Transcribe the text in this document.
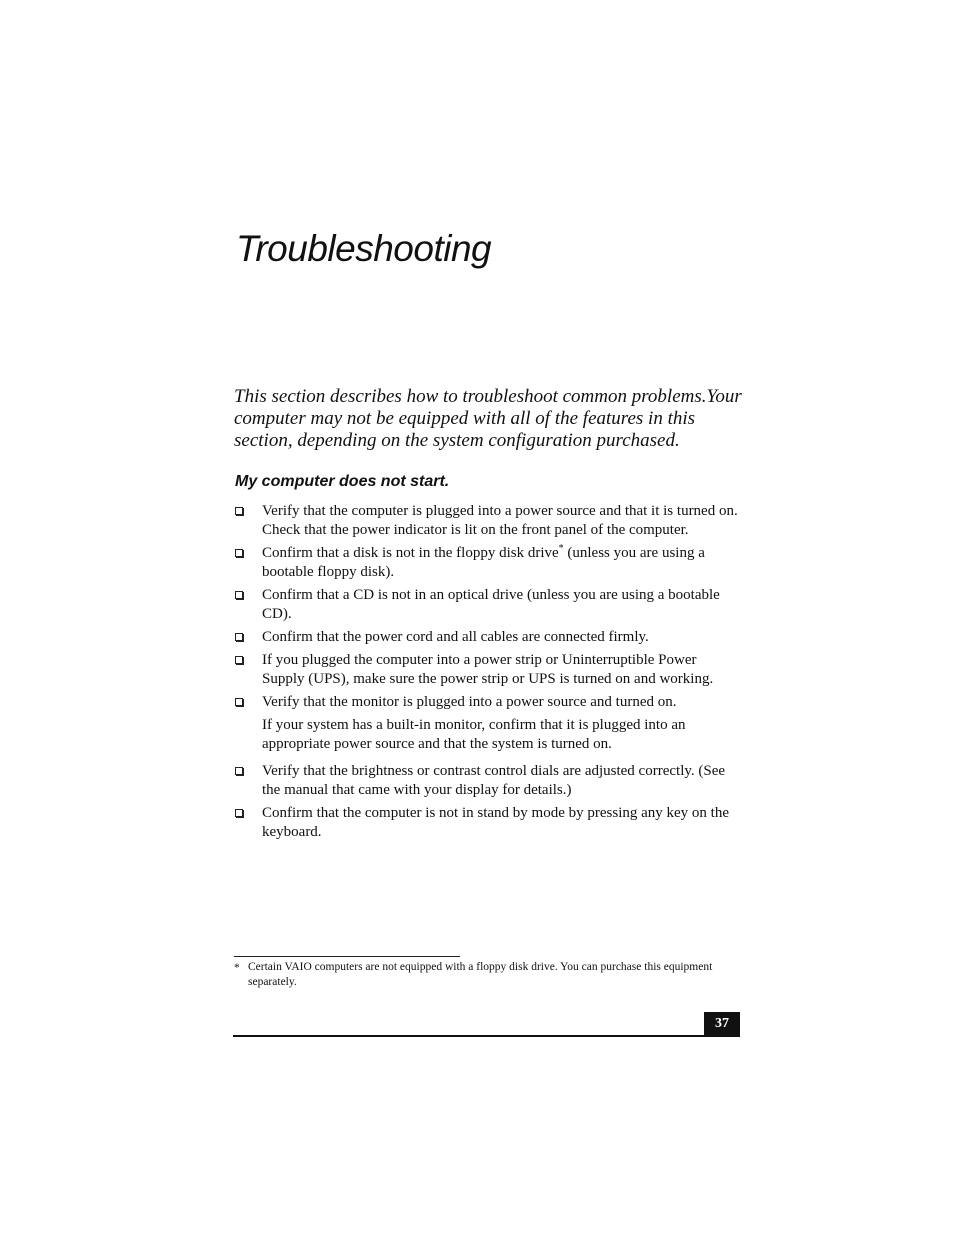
Troubleshooting

This section describes how to troubleshoot common problems.Your computer may not be equipped with all of the features in this section, depending on the system configuration purchased.

My computer does not start.
Verify that the computer is plugged into a power source and that it is turned on. Check that the power indicator is lit on the front panel of the computer.
Confirm that a disk is not in the floppy disk drive* (unless you are using a bootable floppy disk).
Confirm that a CD is not in an optical drive (unless you are using a bootable CD).
Confirm that the power cord and all cables are connected firmly.
If you plugged the computer into a power strip or Uninterruptible Power Supply (UPS), make sure the power strip or UPS is turned on and working.
Verify that the monitor is plugged into a power source and turned on.
If your system has a built-in monitor, confirm that it is plugged into an appropriate power source and that the system is turned on.
Verify that the brightness or contrast control dials are adjusted correctly. (See the manual that came with your display for details.)
Confirm that the computer is not in stand by mode by pressing any key on the keyboard.
* Certain VAIO computers are not equipped with a floppy disk drive. You can purchase this equipment separately.
37
